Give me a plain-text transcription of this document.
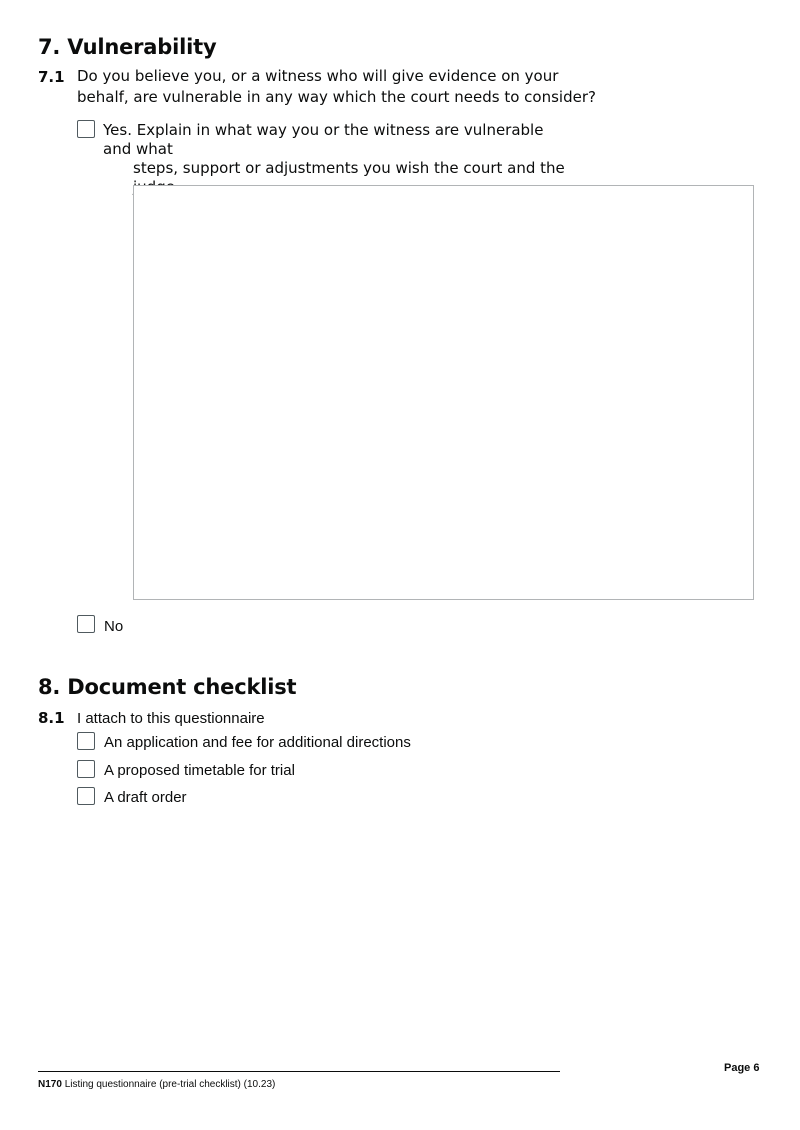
7. Vulnerability
7.1 Do you believe you, or a witness who will give evidence on your
behalf, are vulnerable in any way which the court needs to consider?
Yes. Explain in what way you or the witness are vulnerable and what
steps, support or adjustments you wish the court and the
No
8. Document checklist
8.1 I attach to this questionnaire
An application and fee for additional directions
A proposed timetable for trial
A draft order
Page 6
N170 Listing questionnaire (pre-trial checklist) (10.23)
